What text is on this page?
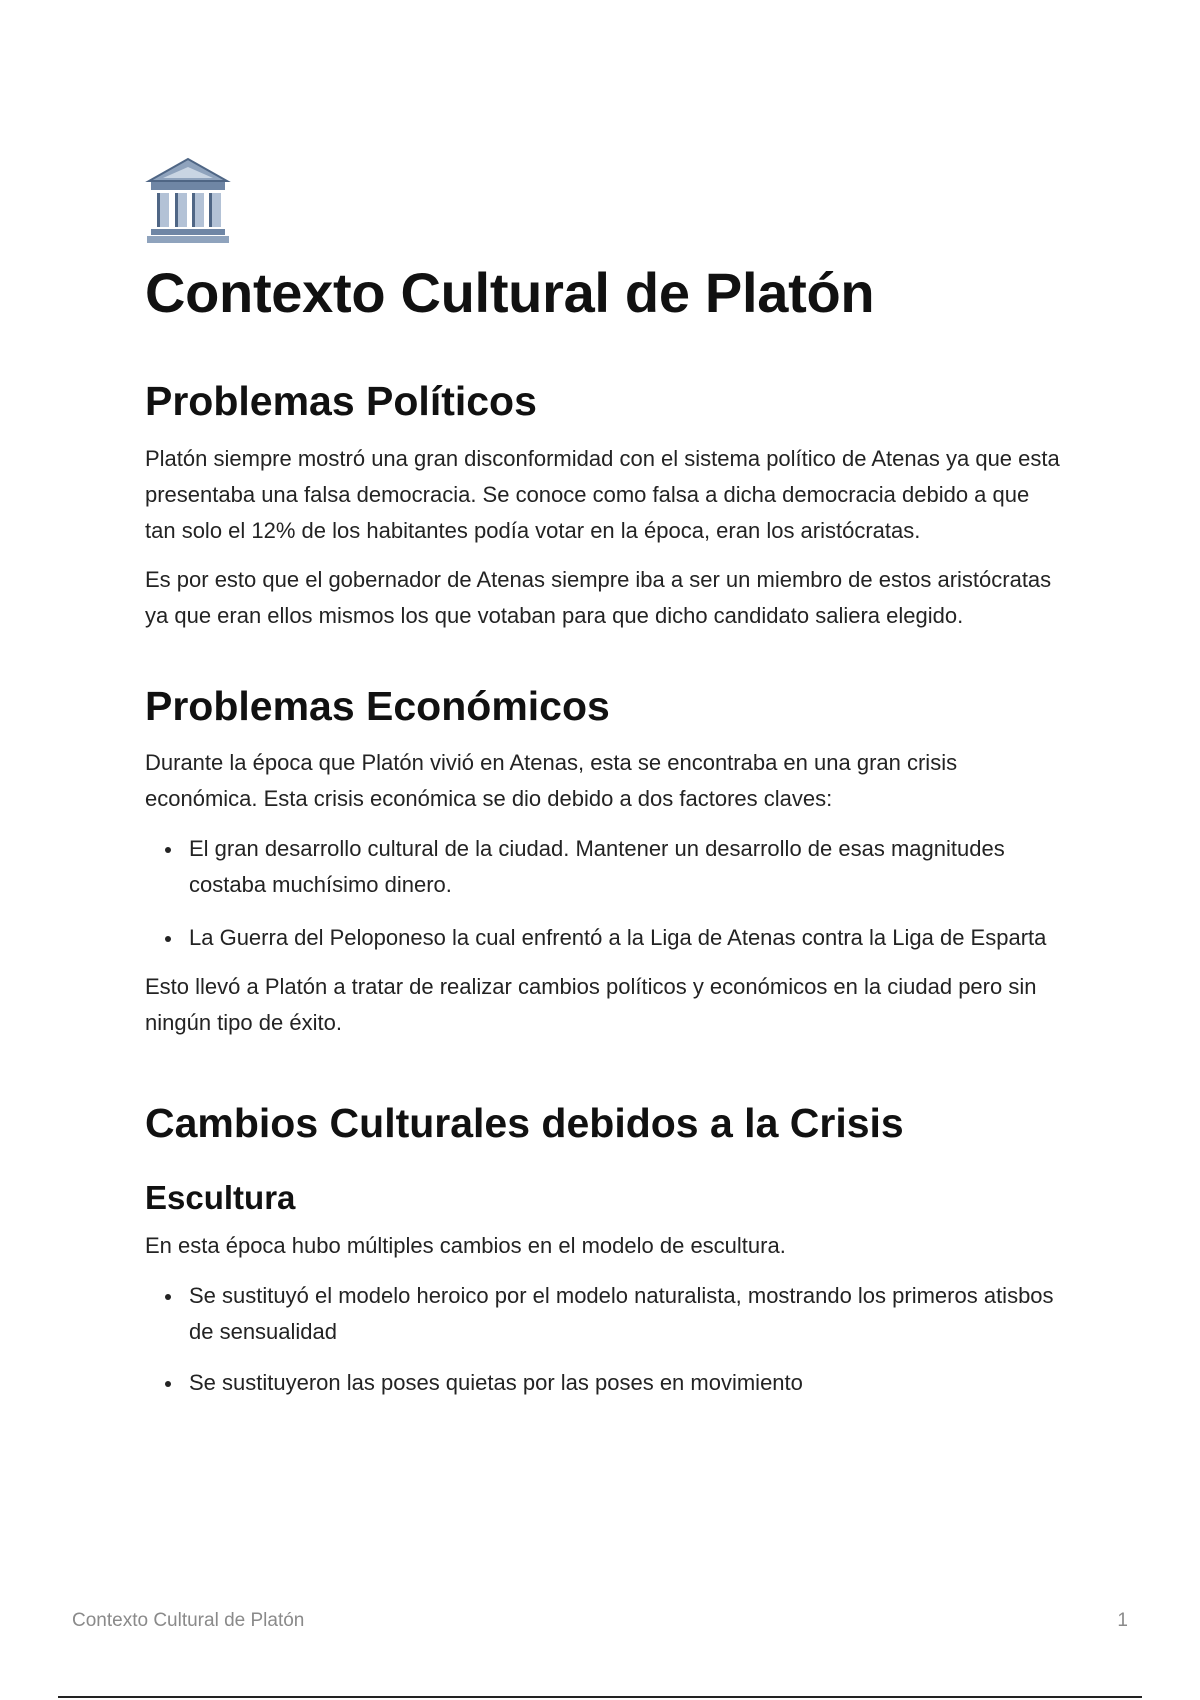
Contexto Cultural de Platón
Problemas Políticos

Platón siempre mostró una gran disconformidad con el sistema político de Atenas ya que esta presentaba una falsa democracia. Se conoce como falsa a dicha democracia debido a que tan solo el 12% de los habitantes podía votar en la época, eran los aristócratas.

Es por esto que el gobernador de Atenas siempre iba a ser un miembro de estos aristócratas ya que eran ellos mismos los que votaban para que dicho candidato saliera elegido.

Problemas Económicos

Durante la época que Platón vivió en Atenas, esta se encontraba en una gran crisis económica. Esta crisis económica se dio debido a dos factores claves:

El gran desarrollo cultural de la ciudad. Mantener un desarrollo de esas magnitudes costaba muchísimo dinero.
La Guerra del Peloponeso la cual enfrentó a la Liga de Atenas contra la Liga de Esparta

Esto llevó a Platón a tratar de realizar cambios políticos y económicos en la ciudad pero sin ningún tipo de éxito.

Cambios Culturales debidos a la Crisis
Escultura

En esta época hubo múltiples cambios en el modelo de escultura.

Se sustituyó el modelo heroico por el modelo naturalista, mostrando los primeros atisbos de sensualidad
Se sustituyeron las poses quietas por las poses en movimiento
Contexto Cultural de Platón	1
